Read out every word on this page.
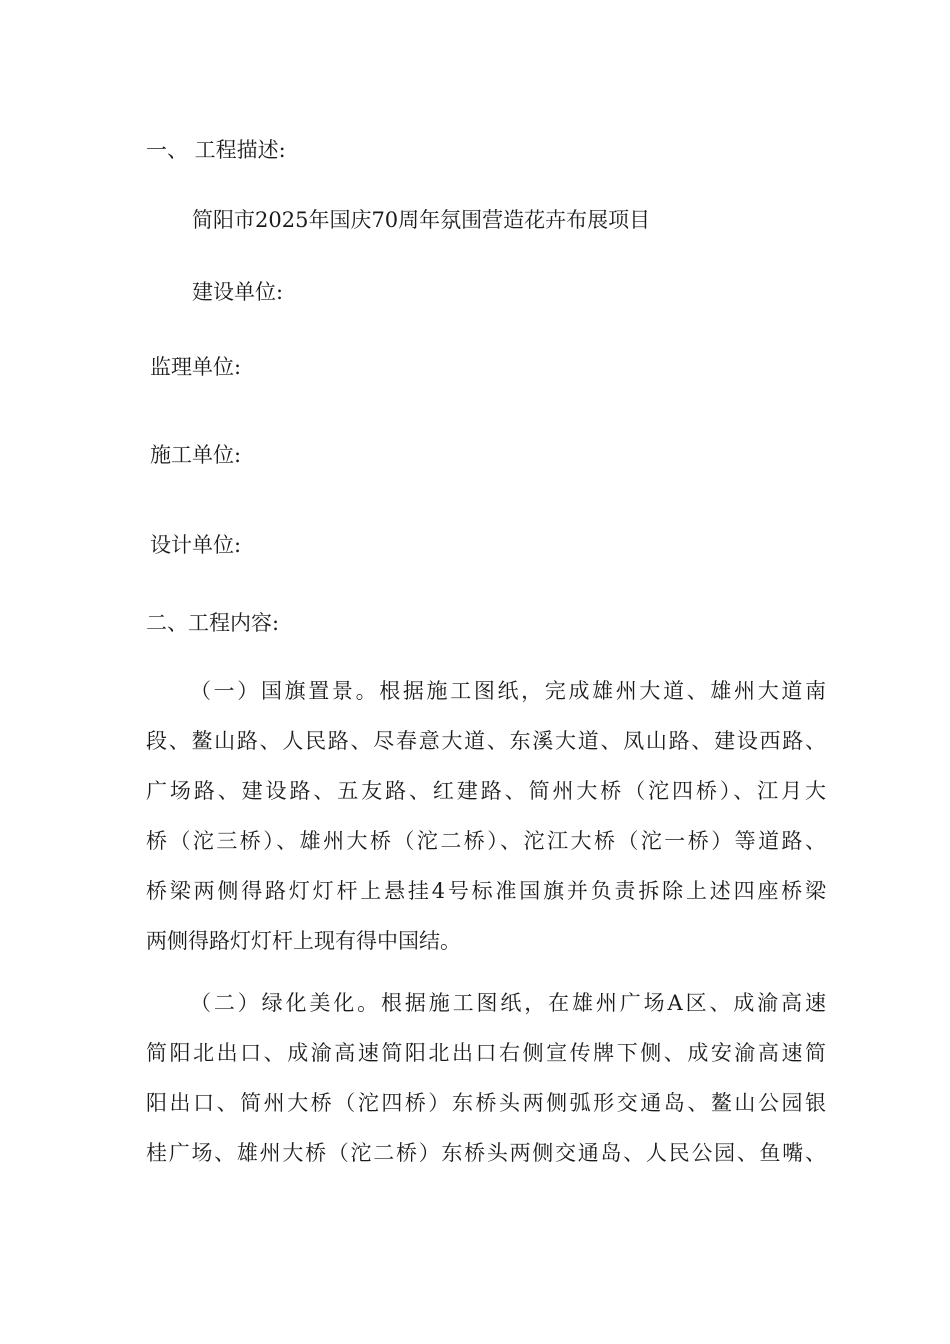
一、 工程描述:
简阳市2025年国庆70周年氛围营造花卉布展项目
建设单位:
监理单位:
施工单位:
设计单位:
二、工程内容:
（一）国旗置景。根据施工图纸，完成雄州大道、雄州大道南
段、鳌山路、人民路、尽春意大道、东溪大道、凤山路、建设西路、
广场路、建设路、五友路、红建路、简州大桥（沱四桥）、江月大
桥（沱三桥）、雄州大桥（沱二桥）、沱江大桥（沱一桥）等道路、
桥梁两侧得路灯灯杆上悬挂4号标准国旗并负责拆除上述四座桥梁
两侧得路灯灯杆上现有得中国结。
（二）绿化美化。根据施工图纸，在雄州广场A区、成渝高速
简阳北出口、成渝高速简阳北出口右侧宣传牌下侧、成安渝高速简
阳出口、简州大桥（沱四桥）东桥头两侧弧形交通岛、鳌山公园银
桂广场、雄州大桥（沱二桥）东桥头两侧交通岛、人民公园、鱼嘴、
